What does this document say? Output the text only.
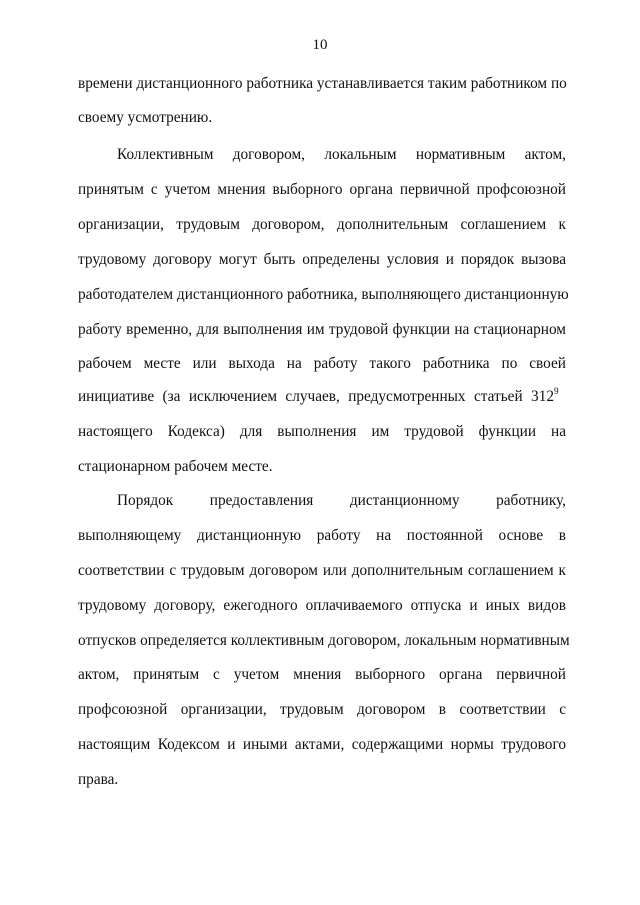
10
времени дистанционного работника устанавливается таким работником по
своему усмотрению.
Коллективным договором, локальным нормативным актом,
принятым с учетом мнения выборного органа первичной профсоюзной
организации, трудовым договором, дополнительным соглашением к
трудовому договору могут быть определены условия и порядок вызова
работодателем дистанционного работника, выполняющего дистанционную
работу временно, для выполнения им трудовой функции на стационарном
рабочем месте или выхода на работу такого работника по своей
инициативе (за исключением случаев, предусмотренных статьей $312^9$
настоящего Кодекса) для выполнения им трудовой функции на
стационарном рабочем месте.
Порядок предоставления дистанционному работнику,
выполняющему дистанционную работу на постоянной основе в
соответствии с трудовым договором или дополнительным соглашением к
трудовому договору, ежегодного оплачиваемого отпуска и иных видов
отпусков определяется коллективным договором, локальным нормативным
актом, принятым с учетом мнения выборного органа первичной
профсоюзной организации, трудовым договором в соответствии с
настоящим Кодексом и иными актами, содержащими нормы трудового
права.
